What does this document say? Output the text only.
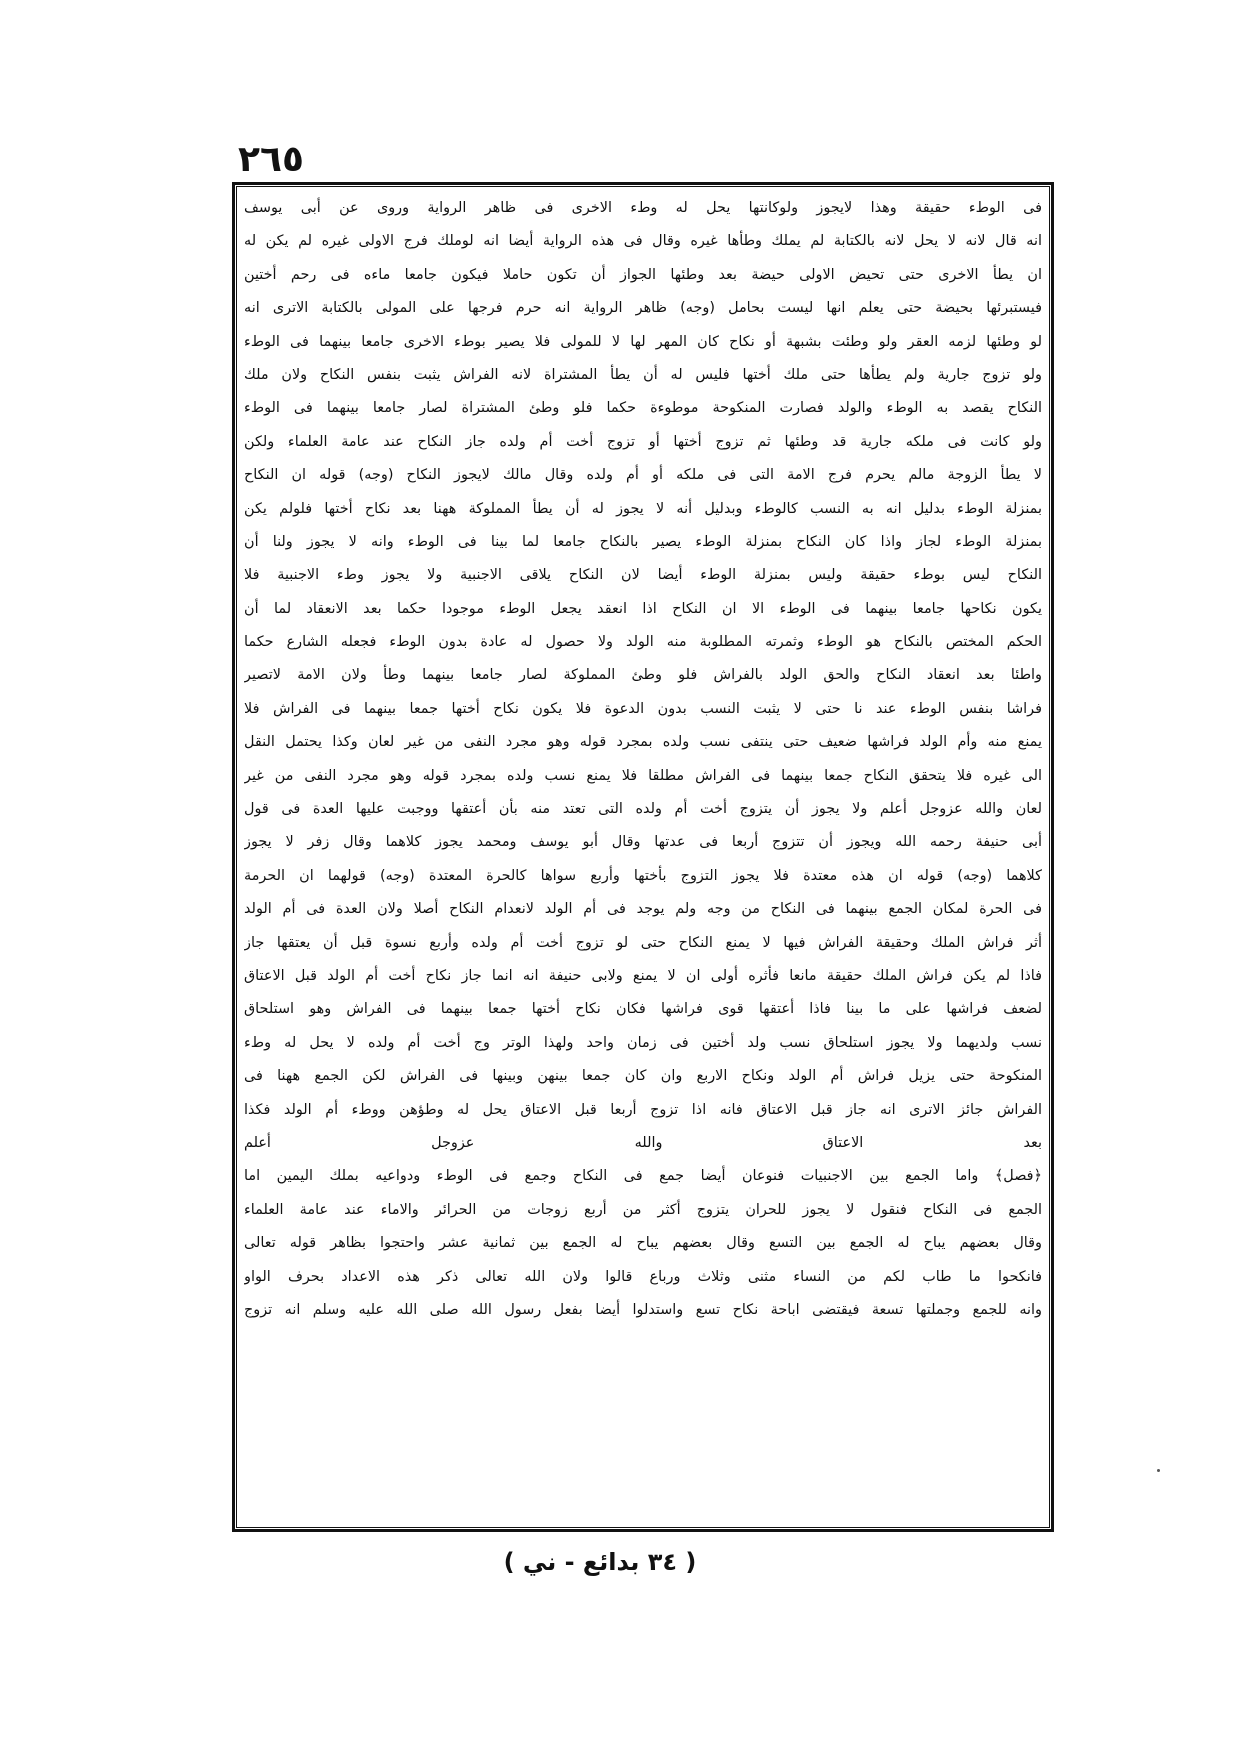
٢٦٥
فى الوطء حقيقة وهذا لايجوز ولوكانتها يحل له وطء الاخرى فى ظاهر الرواية وروى عن أبى يوسف
انه قال لانه لا يحل لانه بالكتابة لم يملك وطأها غيره وقال فى هذه الرواية أيضا انه لوملك فرج الاولى غيره لم يكن له
ان يطأ الاخرى حتى تحيض الاولى حيضة بعد وطئها الجواز أن تكون حاملا فيكون جامعا ماءه فى رحم أختين
فيستبرئها بحيضة حتى يعلم انها ليست بحامل (وجه) ظاهر الرواية انه حرم فرجها على المولى بالكتابة الاترى انه
لو وطئها لزمه العقر ولو وطئت بشبهة أو نكاح كان المهر لها لا للمولى فلا يصير بوطء الاخرى جامعا بينهما فى الوطء
ولو تزوج جارية ولم يطأها حتى ملك أختها فليس له أن يطأ المشتراة لانه الفراش يثبت بنفس النكاح ولان ملك
النكاح يقصد به الوطء والولد فصارت المنكوحة موطوءة حكما فلو وطئ المشتراة لصار جامعا بينهما فى الوطء
ولو كانت فى ملكه جارية قد وطئها ثم تزوج أختها أو تزوج أخت أم ولده جاز النكاح عند عامة العلماء ولكن
لا يطأ الزوجة مالم يحرم فرج الامة التى فى ملكه أو أم ولده وقال مالك لايجوز النكاح (وجه) قوله ان النكاح
بمنزلة الوطء بدليل انه به النسب كالوطء وبدليل أنه لا يجوز له أن يطأ المملوكة ههنا بعد نكاح أختها فلولم يكن
بمنزلة الوطء لجاز واذا كان النكاح بمنزلة الوطء يصير بالنكاح جامعا لما بينا فى الوطء وانه لا يجوز ولنا أن
النكاح ليس بوطء حقيقة وليس بمنزلة الوطء أيضا لان النكاح يلاقى الاجنبية ولا يجوز وطء الاجنبية فلا
يكون نكاحها جامعا بينهما فى الوطء الا ان النكاح اذا انعقد يجعل الوطء موجودا حكما بعد الانعقاد لما أن
الحكم المختص بالنكاح هو الوطء وثمرته المطلوبة منه الولد ولا حصول له عادة بدون الوطء فجعله الشارع حكما
واطئا بعد انعقاد النكاح والحق الولد بالفراش فلو وطئ المملوكة لصار جامعا بينهما وطأ ولان الامة لاتصير
فراشا بنفس الوطء عند نا حتى لا يثبت النسب بدون الدعوة فلا يكون نكاح أختها جمعا بينهما فى الفراش فلا
يمنع منه وأم الولد فراشها ضعيف حتى ينتفى نسب ولده بمجرد قوله وهو مجرد النفى من غير لعان وكذا يحتمل النقل
الى غيره فلا يتحقق النكاح جمعا بينهما فى الفراش مطلقا فلا يمنع نسب ولده بمجرد قوله وهو مجرد النفى من غير
لعان والله عزوجل أعلم ولا يجوز أن يتزوج أخت أم ولده التى تعتد منه بأن أعتقها ووجبت عليها العدة فى قول
أبى حنيفة رحمه الله ويجوز أن تتزوج أربعا فى عدتها وقال أبو يوسف ومحمد يجوز كلاهما وقال زفر لا يجوز
كلاهما (وجه) قوله ان هذه معتدة فلا يجوز التزوج بأختها وأربع سواها كالحرة المعتدة (وجه) قولهما ان الحرمة
فى الحرة لمكان الجمع بينهما فى النكاح من وجه ولم يوجد فى أم الولد لانعدام النكاح أصلا ولان العدة فى أم الولد
أثر فراش الملك وحقيقة الفراش فيها لا يمنع النكاح حتى لو تزوج أخت أم ولده وأربع نسوة قبل أن يعتقها جاز
فاذا لم يكن فراش الملك حقيقة مانعا فأثره أولى ان لا يمنع ولابى حنيفة انه انما جاز نكاح أخت أم الولد قبل الاعتاق
لضعف فراشها على ما بينا فاذا أعتقها قوى فراشها فكان نكاح أختها جمعا بينهما فى الفراش وهو استلحاق
نسب ولديهما ولا يجوز استلحاق نسب ولد أختين فى زمان واحد ولهذا الوتر وج أخت أم ولده لا يحل له وطء
المنكوحة حتى يزيل فراش أم الولد ونكاح الاربع وان كان جمعا بينهن وبينها فى الفراش لكن الجمع ههنا فى
الفراش جائز الاترى انه جاز قبل الاعتاق فانه اذا تزوج أربعا قبل الاعتاق يحل له وطؤهن ووطء أم الولد فكذا
بعد الاعتاق والله عزوجل أعلم
﴿فصل﴾ واما الجمع بين الاجنبيات فنوعان أيضا جمع فى النكاح وجمع فى الوطء ودواعيه بملك اليمين اما
الجمع فى النكاح فنقول لا يجوز للحران يتزوج أكثر من أربع زوجات من الحرائر والاماء عند عامة العلماء
وقال بعضهم يباح له الجمع بين التسع وقال بعضهم يباح له الجمع بين ثمانية عشر واحتجوا بظاهر قوله تعالى
فانكحوا ما طاب لكم من النساء مثنى وثلاث ورباع قالوا ولان الله تعالى ذكر هذه الاعداد بحرف الواو
وانه للجمع وجملتها تسعة فيقتضى اباحة نكاح تسع واستدلوا أيضا بفعل رسول الله صلى الله عليه وسلم انه تزوج
( ٣٤ بدائع - ني )
